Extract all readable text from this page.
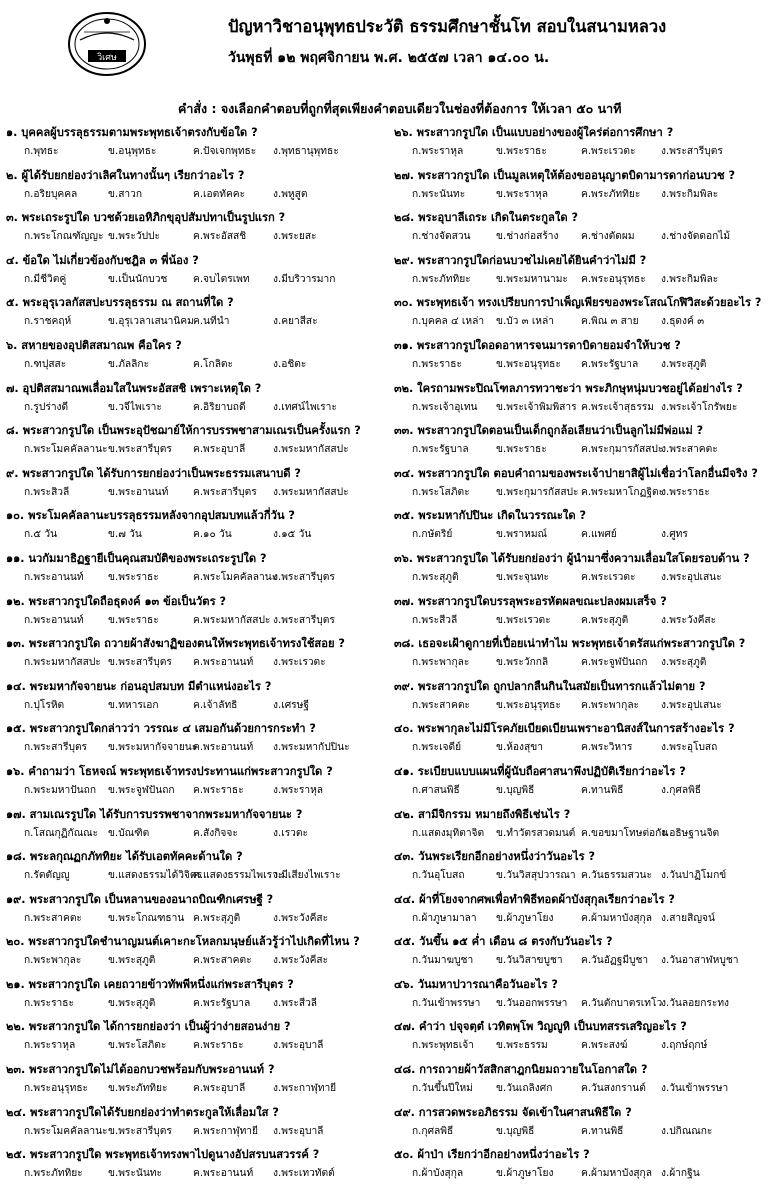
วิเศษ
ปัญหาวิชาอนุพุทธประวัติ ธรรมศึกษาชั้นโท สอบในสนามหลวง
วันพุธที่ ๑๒ พฤศจิกายน พ.ศ. ๒๕๕๗ เวลา ๑๔.๐๐ น.
คำสั่ง : จงเลือกคำตอบที่ถูกที่สุดเพียงคำตอบเดียวในช่องที่ต้องการ ให้เวลา ๕๐ นาที
๑. บุคคลผู้บรรลุธรรมตามพระพุทธเจ้าตรงกับข้อใด ?
ก.พุทธะ	ข.อนุพุทธะ	ค.ปัจเจกพุทธะ ง.พุทธานุพุทธะ
๒. ผู้ได้รับยกย่องว่าเลิศในทางนั้นๆ เรียกว่าอะไร ?
ก.อริยบุคคล	ข.สาวก	ค.เอตทัคคะ	ง.พหูสูต
๓. พระเถระรูปใด บวชด้วยเอหิภิกขุอุปสัมปทาเป็นรูปแรก ?
ก.พระโกณฑัญญะ ข.พระวัปปะ	ค.พระอัสสชิ	ง.พระยสะ
๔. ข้อใด ไม่เกี่ยวข้องกับชฎิล ๓ พี่น้อง ?
ก.มีชีวิตคู่	ข.เป็นนักบวช	ค.จบไตรเพท ง.มีบริวารมาก
๕. พระอุรุเวลกัสสปะบรรลุธรรม ณ สถานที่ใด ?
ก.ราชคฤห์	ข.อุรุเวลาเสนานิคม ค.นทีนำ	ง.คยาสีสะ
๖. สหายของอุปติสสมาณพ คือใคร ?
ก.ฑปุสสะ	ข.ภัลลิกะ	ค.โกลิตะ	ง.อชิตะ
๗. อุปติสสมาณพเลื่อมใสในพระอัสสชิ เพราะเหตุใด ?
ก.รูปร่างดี	ข.วจีไพเราะ	ค.อิริยาบถดี	ง.เทศน์ไพเราะ
๘. พระสาวกรูปใด เป็นพระอุปัชฌาย์ให้การบรรพชาสามเณรเป็นครั้งแรก ?
ก.พระโมคคัลลานะ ข.พระสารีบุตร ค.พระอุบาลี	ง.พระมหากัสสปะ
๙. พระสาวกรูปใด ได้รับการยกย่องว่าเป็นพระธรรมเสนาบดี ?
ก.พระสิวลี	ข.พระอานนท์ ค.พระสารีบุตร ง.พระมหากัสสปะ
๑๐. พระโมคคัลลานะบรรลุธรรมหลังจากอุปสมบทแล้วกี่วัน ?
ก.๕ วัน	ข.๗ วัน	ค.๑๐ วัน	ง.๑๕ วัน
๑๑. นวกัมมาธิฏฐายีเป็นคุณสมบัติของพระเถระรูปใด ?
ก.พระอานนท์ ข.พระราธะ	ค.พระโมคคัลลานะ
ง.พระสารีบุตร
๑๒. พระสาวกรูปใดถือธุดงค์ ๑๓ ข้อเป็นวัตร ?
ก.พระอานนท์ ข.พระราธะ	ค.พระมหากัสสปะ ง.พระสารีบุตร
๑๓. พระสาวกรูปใด ถวายผ้าสังฆาฏิของตนให้พระพุทธเจ้าทรงใช้สอย ?
ก.พระมหากัสสปะ ข.พระสารีบุตร ค.พระอานนท์ ง.พระเรวตะ
๑๔. พระมหากัจจายนะ ก่อนอุปสมบท มีตำแหน่งอะไร ?
ก.ปุโรหิต	ข.ทหารเอก	ค.เจ้าลัทธิ	ง.เศรษฐี
๑๕. พระสาวกรูปใดกล่าวว่า วรรณะ ๔ เสมอกันด้วยการกระทำ ?
ก.พระสารีบุตร ข.พระมหากัจจายนะ
ค.พระอานนท์ ง.พระมหากัปปินะ
๑๖. คำถามว่า โธหจณ์ พระพุทธเจ้าทรงประทานแก่พระสาวกรูปใด ?
ก.พระมหาปันถก ข.พระจูฬปันถก ค.พระราธะ	ง.พระราหุล
๑๗. สามเณรรูปใด ได้รับการบรรพชาจากพระมหากัจจายนะ ?
ก.โสณกุฏิกัณณะ ข.บัณฑิต	ค.สังกิจจะ	ง.เรวตะ
๑๘. พระลกุณฏกภัททิยะ ได้รับเอตทัคคะด้านใด ?
ก.รัตตัญญู	ข.แสดงธรรมได้วิจิตร
ค.แสดงธรรมไพเราะ
ง.มีเสียงไพเราะ
๑๙. พระสาวกรูปใด เป็นหลานของอนาถบิณฑิกเศรษฐี ?
ก.พระสาคตะ	ข.พระโกณฑธาน ค.พระสุภูติ	ง.พระวังคีสะ
๒๐. พระสาวกรูปใดชำนาญมนต์เคาะกะโหลกมนุษย์แล้วรู้ว่าไปเกิดที่ไหน ?
ก.พระพากุละ	ข.พระสุภูติ	ค.พระสาคตะ ง.พระวังคีสะ
๒๑. พระสาวกรูปใด เคยถวายข้าวทัพพีหนึ่งแก่พระสารีบุตร ?
ก.พระราธะ	ข.พระสุภูติ	ค.พระรัฐบาล ง.พระสีวลี
๒๒. พระสาวกรูปใด ได้การยกย่องว่า เป็นผู้ว่าง่ายสอนง่าย ?
ก.พระราหุล	ข.พระโสภิตะ	ค.พระราธะ	ง.พระอุบาลี
๒๓. พระสาวกรูปใดไม่ได้ออกบวชพร้อมกับพระอานนท์ ?
ก.พระอนุรุทธะ ข.พระภัททิยะ	ค.พระอุบาลี	ง.พระกาฬุทายี
๒๔. พระสาวกรูปใดได้รับยกย่องว่าทำตระกูลให้เลื่อมใส ?
ก.พระโมคคัลลานะ ข.พระสารีบุตร ค.พระกาฬุทายี ง.พระอุบาลี
๒๕. พระสาวกรูปใด พระพุทธเจ้าทรงพาไปดูนางอัปสรบนสวรรค์ ?
ก.พระภัททิยะ ข.พระนันทะ	ค.พระอานนท์ ง.พระเทวทัตต์
๒๖. พระสาวกรูปใด เป็นแบบอย่างของผู้ใคร่ต่อการศึกษา ?
ก.พระราหุล	ข.พระราธะ	ค.พระเรวตะ	ง.พระสารีบุตร
๒๗. พระสาวกรูปใด เป็นมูลเหตุให้ต้องขออนุญาตบิดามารดาก่อนบวช ?
ก.พระนันทะ	ข.พระราหุล	ค.พระภัททิยะ ง.พระกิมพิละ
๒๘. พระอุบาลีเถระ เกิดในตระกูลใด ?
ก.ช่างจัดสวน ข.ช่างก่อสร้าง ค.ช่างตัดผม	ง.ช่างจัดดอกไม้
๒๙. พระสาวกรูปใดก่อนบวชไม่เคยได้ยินคำว่าไม่มี ?
ก.พระภัททิยะ ข.พระมหานามะ ค.พระอนุรุทธะ ง.พระกิมพิละ
๓๐. พระพุทธเจ้า ทรงเปรียบการบำเพ็ญเพียรของพระโสณโกฬิวิสะด้วยอะไร ?
ก.บุคคล ๔ เหล่า ข.บัว ๓ เหล่า	ค.พิณ ๓ สาย ง.ธุดงค์ ๓
๓๑. พระสาวกรูปใดอดอาหารจนมารดาบิดายอมจำให้บวช ?
ก.พระราธะ	ข.พระอนุรุทธะ ค.พระรัฐบาล ง.พระสุภูติ
๓๒. ใครถามพระปิณโฑลภารทวาชะว่า พระภิกษุหนุ่มบวชอยู่ได้อย่างไร ?
ก.พระเจ้าอุเทน ข.พระเจ้าพิมพิสาร ค.พระเจ้าสุธรรม ง.พระเจ้าโกรัพยะ
๓๓. พระสาวกรูปใดตอนเป็นเด็กถูกล้อเลียนว่าเป็นลูกไม่มีพ่อแม่ ?
ก.พระรัฐบาล	ข.พระราธะ	ค.พระกุมารกัสสปะ
ง.พระสาคตะ
๓๔. พระสาวกรูปใด ตอบคำถามของพระเจ้าปายาสิผู้ไม่เชื่อว่าโลกอื่นมีจริง ?
ก.พระโสภิตะ	ข.พระกุมารกัสสปะ ค.พระมหาโกฏฐิตะ
ง.พระราธะ
๓๕. พระมหากัปปินะ เกิดในวรรณะใด ?
ก.กษัตริย์	ข.พราหมณ์	ค.แพศย์	ง.ศูทร
๓๖. พระสาวกรูปใด ได้รับยกย่องว่า ผู้นำมาซึ่งความเลื่อมใสโดยรอบด้าน ?
ก.พระสุภูติ	ข.พระจุนทะ	ค.พระเรวตะ	ง.พระอุปเสนะ
๓๗. พระสาวกรูปใดบรรลุพระอรหัตผลขณะปลงผมเสร็จ ?
ก.พระสีวลี	ข.พระเรวตะ	ค.พระสุภูติ	ง.พระวังคีสะ
๓๘. เธอจะเฝ้าดูกายที่เปื่อยเน่าทำไม พระพุทธเจ้าตรัสแก่พระสาวกรูปใด ?
ก.พระพากุละ	ข.พระวักกลิ	ค.พระจูฬปันถก ง.พระสุภูติ
๓๙. พระสาวกรูปใด ถูกปลากลืนกินในสมัยเป็นทารกแล้วไม่ตาย ?
ก.พระสาคตะ	ข.พระอนุรุทธะ ค.พระพากุละ ง.พระอุปเสนะ
๔๐. พระพากุละไม่มีโรคภัยเบียดเบียนเพราะอานิสงส์ในการสร้างอะไร ?
ก.พระเจดีย์	ข.ห้องสุขา	ค.พระวิหาร	ง.พระอุโบสถ
๔๑. ระเบียบแบบแผนที่ผู้นับถือศาสนาพึงปฏิบัติเรียกว่าอะไร ?
ก.ศาสนพิธี	ข.บุญพิธี	ค.ทานพิธี	ง.กุศลพิธี
๔๒. สามีจิกรรม หมายถึงพิธีเช่นไร ?
ก.แสดงมุทิตาจิต ข.ทำวัตรสวดมนต์ ค.ขอขมาโทษต่อกัน
ง.อธิษฐานจิต
๔๓. วันพระเรียกอีกอย่างหนึ่งว่าวันอะไร ?
ก.วันอุโบสถ	ข.วันวิสสุปวารณา ค.วันธรรมสวนะ ง.วันปาฏิโมกข์
๔๔. ผ้าที่โยงจากศพเพื่อทำพิธีทอดผ้าบังสุกุลเรียกว่าอะไร ?
ก.ผ้าภูษามาลา ข.ผ้าภูษาโยง	ค.ผ้ามหาบังสุกุล ง.สายสิญจน์
๔๕. วันขึ้น ๑๕ ค่ำ เดือน ๘ ตรงกับวันอะไร ?
ก.วันมาฆบูชา ข.วันวิสาขบูชา ค.วันอัฏฐมีบูชา ง.วันอาสาฬหบูชา
๔๖. วันมหาปวารณาคือวันอะไร ?
ก.วันเข้าพรรษา ข.วันออกพรรษา ค.วันตักบาตรเทโว
ง.วันลอยกระทง
๔๗. คำว่า ปจุจตฺตํ เวทิตพฺโพ วิญญูหิ เป็นบทสรรเสริญอะไร ?
ก.พระพุทธเจ้า ข.พระธรรม	ค.พระสงฆ์	ง.ฤกษ์ฤกษ์
๔๘. การถวายผ้าวัสสิกสาฎกนิยมถวายในโอกาสใด ?
ก.วันขึ้นปีใหม่ ข.วันเถลิงศก	ค.วันสงกรานต์ ง.วันเข้าพรรษา
๔๙. การสวดพระอภิธรรม จัดเข้าในศาสนพิธีใด ?
ก.กุศลพิธี	ข.บุญพิธี	ค.ทานพิธี	ง.ปกิณณกะ
๕๐. ผ้าป่า เรียกว่าอีกอย่างหนึ่งว่าอะไร ?
ก.ผ้าบังสุกุล	ข.ผ้าภูษาโยง	ค.ผ้ามหาบังสุกุล ง.ผ้ากฐิน
